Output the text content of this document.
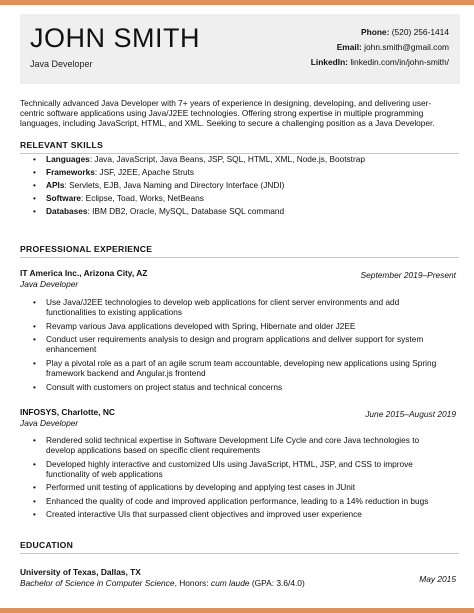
JOHN SMITH
Java Developer
Phone: (520) 256-1414
Email: john.smith@gmail.com
LinkedIn: linkedin.com/in/john-smith/
Technically advanced Java Developer with 7+ years of experience in designing, developing, and delivering user-centric software applications using Java/J2EE technologies. Offering strong expertise in multiple programming languages, including JavaScript, HTML, and XML. Seeking to secure a challenging position as a Java Developer.
RELEVANT SKILLS
• Languages: Java, JavaScript, Java Beans, JSP, SQL, HTML, XML, Node.js, Bootstrap
• Frameworks: JSF, J2EE, Apache Struts
• APIs: Servlets, EJB, Java Naming and Directory Interface (JNDI)
• Software: Eclipse, Toad, Works, NetBeans
• Databases: IBM DB2, Oracle, MySQL, Database SQL command
PROFESSIONAL EXPERIENCE
IT America Inc., Arizona City, AZ
Java Developer
September 2019–Present
• Use Java/J2EE technologies to develop web applications for client server environments and add functionalities to existing applications
• Revamp various Java applications developed with Spring, Hibernate and older J2EE
• Conduct user requirements analysis to design and program applications and deliver support for system enhancement
• Play a pivotal role as a part of an agile scrum team accountable, developing new applications using Spring framework backend and Angular.js frontend
• Consult with customers on project status and technical concerns
INFOSYS, Charlotte, NC
Java Developer
June 2015–August 2019
• Rendered solid technical expertise in Software Development Life Cycle and core Java technologies to develop applications based on specific client requirements
• Developed highly interactive and customized UIs using JavaScript, HTML, JSP, and CSS to improve functionality of web applications
• Performed unit testing of applications by developing and applying test cases in JUnit
• Enhanced the quality of code and improved application performance, leading to a 14% reduction in bugs
• Created interactive UIs that surpassed client objectives and improved user experience
EDUCATION
University of Texas, Dallas, TX
Bachelor of Science in Computer Science, Honors: cum laude (GPA: 3.6/4.0)	May 2015
